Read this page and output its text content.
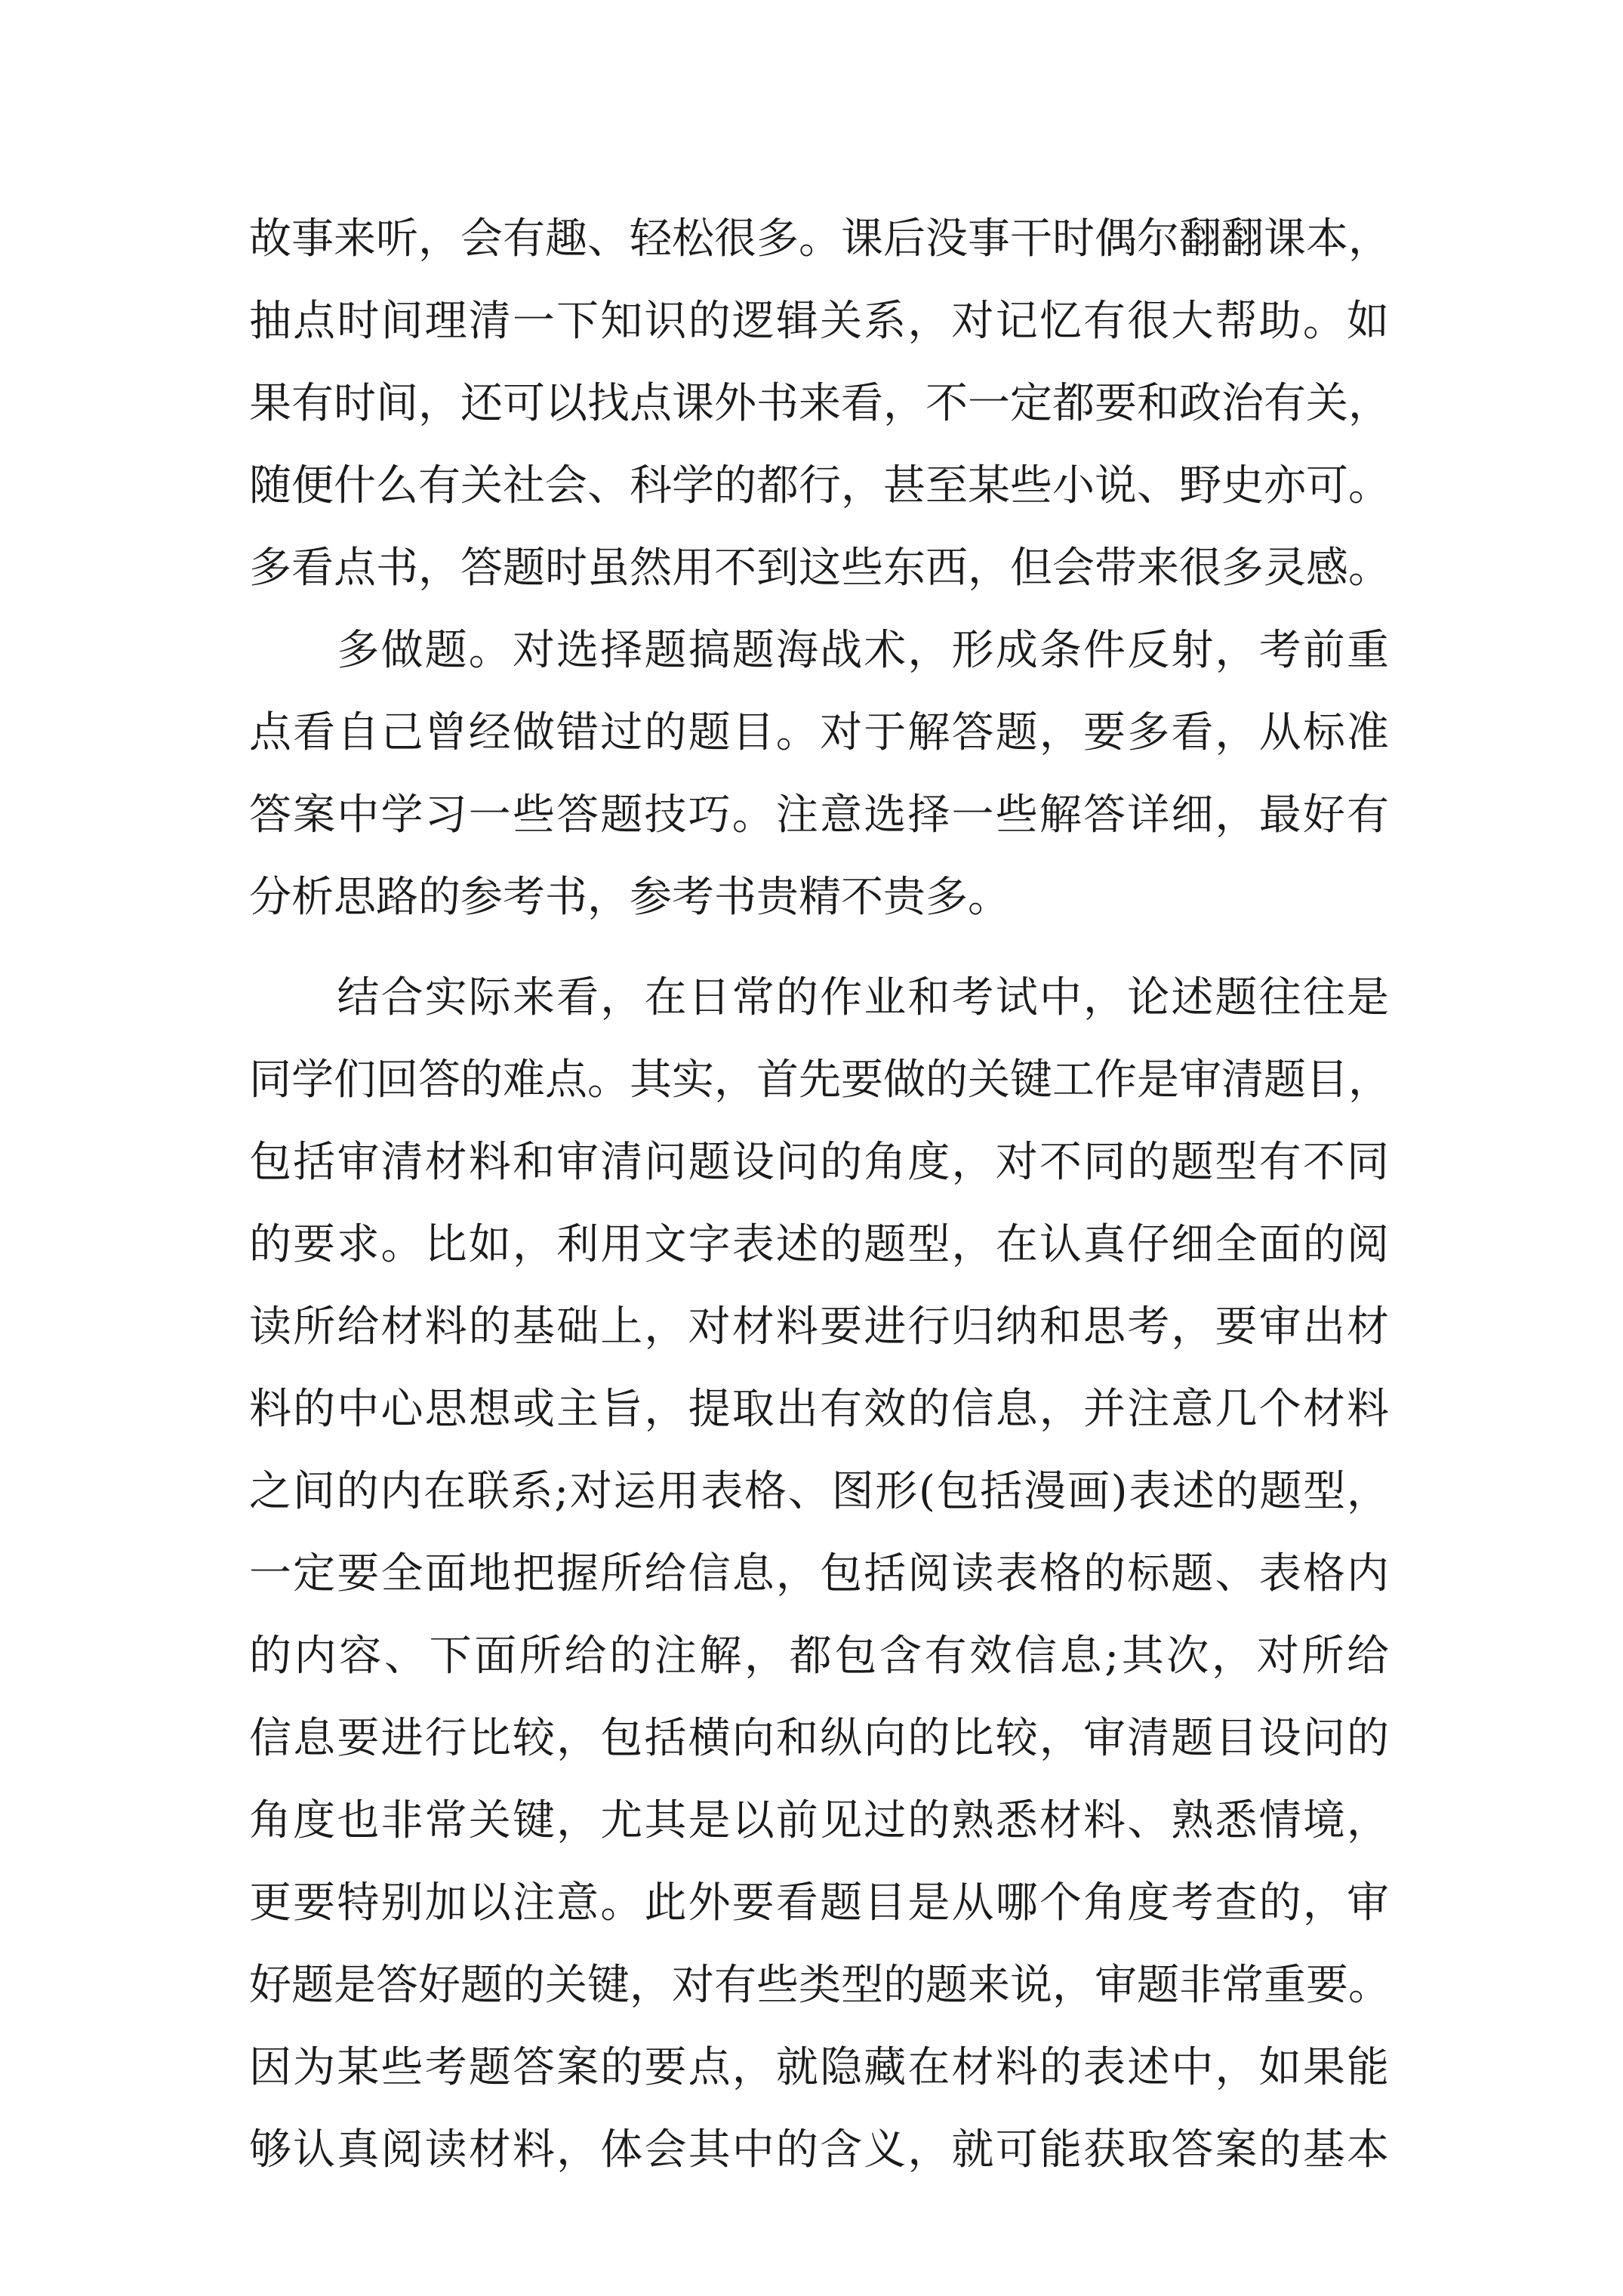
故事来听，会有趣、轻松很多。课后没事干时偶尔翻翻课本，
抽点时间理清一下知识的逻辑关系，对记忆有很大帮助。如
果有时间，还可以找点课外书来看，不一定都要和政治有关，
随便什么有关社会、科学的都行，甚至某些小说、野史亦可。
多看点书，答题时虽然用不到这些东西，但会带来很多灵感。
　　多做题。对选择题搞题海战术，形成条件反射，考前重
点看自己曾经做错过的题目。对于解答题，要多看，从标准
答案中学习一些答题技巧。注意选择一些解答详细，最好有
分析思路的参考书，参考书贵精不贵多。
　　结合实际来看，在日常的作业和考试中，论述题往往是
同学们回答的难点。其实，首先要做的关键工作是审清题目，
包括审清材料和审清问题设问的角度，对不同的题型有不同
的要求。比如，利用文字表述的题型，在认真仔细全面的阅
读所给材料的基础上，对材料要进行归纳和思考，要审出材
料的中心思想或主旨，提取出有效的信息，并注意几个材料
之间的内在联系;对运用表格、图形(包括漫画)表述的题型，
一定要全面地把握所给信息，包括阅读表格的标题、表格内
的内容、下面所给的注解，都包含有效信息;其次，对所给
信息要进行比较，包括横向和纵向的比较，审清题目设问的
角度也非常关键，尤其是以前见过的熟悉材料、熟悉情境，
更要特别加以注意。此外要看题目是从哪个角度考查的，审
好题是答好题的关键，对有些类型的题来说，审题非常重要。
因为某些考题答案的要点，就隐藏在材料的表述中，如果能
够认真阅读材料，体会其中的含义，就可能获取答案的基本
